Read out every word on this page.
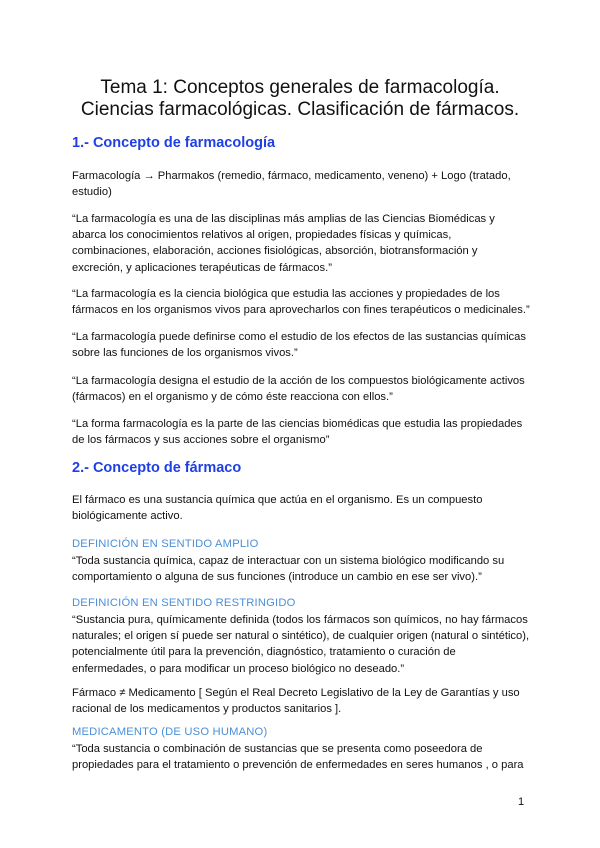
Tema 1: Conceptos generales de farmacología.
Ciencias farmacológicas. Clasificación de fármacos.
1.- Concepto de farmacología
Farmacología → Pharmakos (remedio, fármaco, medicamento, veneno) + Logo (tratado,
estudio)
“La farmacología es una de las disciplinas más amplias de las Ciencias Biomédicas y
abarca los conocimientos relativos al origen, propiedades físicas y químicas,
combinaciones, elaboración, acciones fisiológicas, absorción, biotransformación y
excreción, y aplicaciones terapéuticas de fármacos.”
“La farmacología es la ciencia biológica que estudia las acciones y propiedades de los
fármacos en los organismos vivos para aprovecharlos con fines terapéuticos o medicinales.”
“La farmacología puede definirse como el estudio de los efectos de las sustancias químicas
sobre las funciones de los organismos vivos.”
“La farmacología designa el estudio de la acción de los compuestos biológicamente activos
(fármacos) en el organismo y de cómo éste reacciona con ellos.”
“La forma farmacología es la parte de las ciencias biomédicas que estudia las propiedades
de los fármacos y sus acciones sobre el organismo”
2.- Concepto de fármaco
El fármaco es una sustancia química que actúa en el organismo. Es un compuesto
biológicamente activo.
DEFINICIÓN EN SENTIDO AMPLIO
“Toda sustancia química, capaz de interactuar con un sistema biológico modificando su
comportamiento o alguna de sus funciones (introduce un cambio en ese ser vivo).”
DEFINICIÓN EN SENTIDO RESTRINGIDO
“Sustancia pura, químicamente definida (todos los fármacos son químicos, no hay fármacos
naturales; el origen sí puede ser natural o sintético), de cualquier origen (natural o sintético),
potencialmente útil para la prevención, diagnóstico, tratamiento o curación de
enfermedades, o para modificar un proceso biológico no deseado.”
Fármaco ≠ Medicamento [ Según el Real Decreto Legislativo de la Ley de Garantías y uso
racional de los medicamentos y productos sanitarios ].
MEDICAMENTO (DE USO HUMANO)
“Toda sustancia o combinación de sustancias que se presenta como poseedora de
propiedades para el tratamiento o prevención de enfermedades en seres humanos , o para
1
